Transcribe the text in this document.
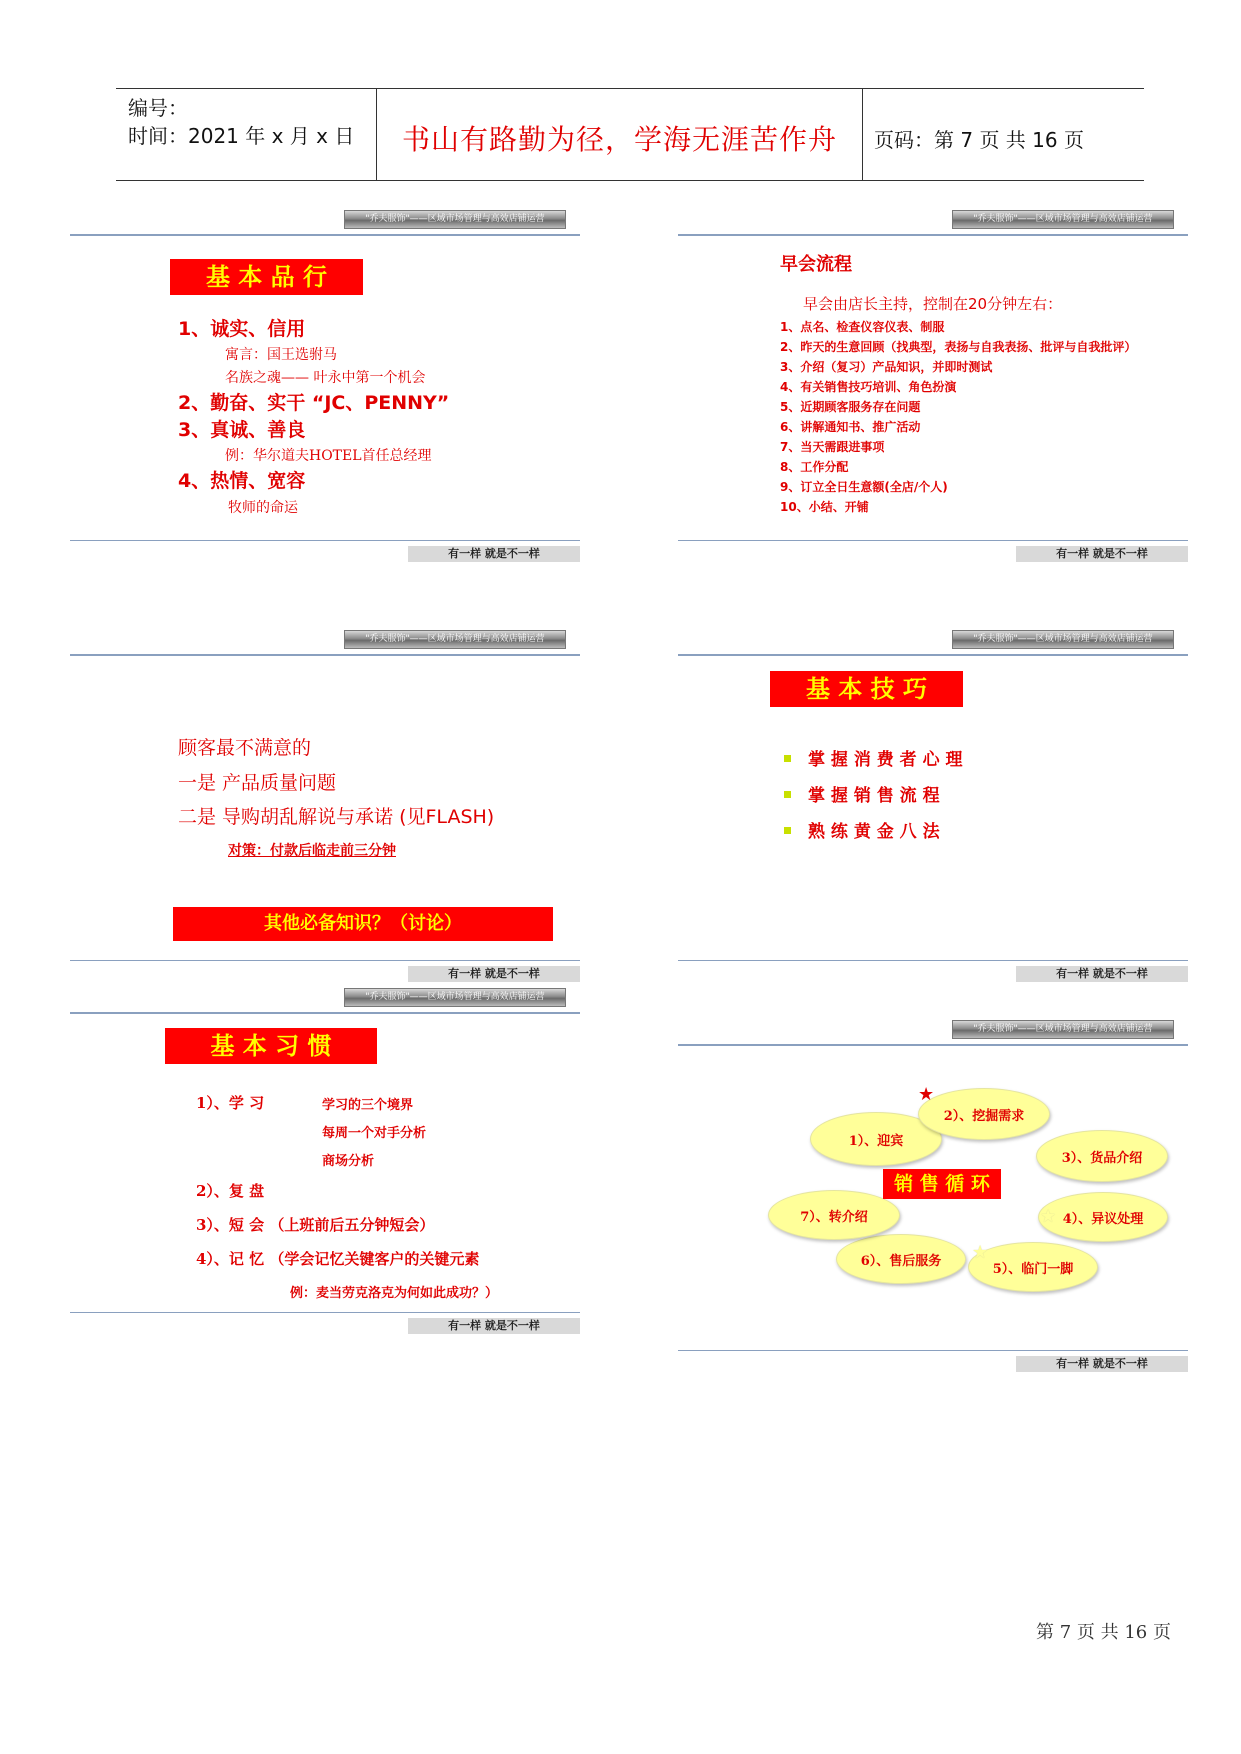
编号：
时间：2021 年 x 月 x 日 书山有路勤为径，学海无涯苦作舟 页码：第 7 页 共 16 页
"乔夫服饰"——区域市场管理与高效店铺运营
基 本 品 行
1、诚实、信用
寓言：国王选驸马
名族之魂—— 叶永中第一个机会
2、勤奋、实干 “JC、PENNY”
3、真诚、善良
例：华尔道夫HOTEL首任总经理
4、热情、宽容
牧师的命运
有一样 就是不一样
"乔夫服饰"——区域市场管理与高效店铺运营
早会流程
早会由店长主持，控制在20分钟左右：
1、点名、检查仪容仪表、制服
2、昨天的生意回顾（找典型，表扬与自我表扬、批评与自我批评）
3、介绍（复习）产品知识，并即时测试
4、有关销售技巧培训、角色扮演
5、近期顾客服务存在问题
6、讲解通知书、推广活动
7、当天需跟进事项
8、工作分配
9、订立全日生意额(全店/个人)
10、小结、开铺
有一样 就是不一样
"乔夫服饰"——区域市场管理与高效店铺运营
顾客最不满意的
一是 产品质量问题
二是 导购胡乱解说与承诺 (见FLASH)
对策：付款后临走前三分钟
其他必备知识？（讨论）
有一样 就是不一样
"乔夫服饰"——区域市场管理与高效店铺运营
基 本 技 巧
掌 握 消 费 者 心 理
掌 握 销 售 流 程
熟 练 黄 金 八 法
有一样 就是不一样
"乔夫服饰"——区域市场管理与高效店铺运营
基 本 习 惯
1）、学 习	学习的三个境界
每周一个对手分析
商场分析
2）、复 盘
3）、短 会 （上班前后五分钟短会）
4）、记 忆 （学会记忆关键客户的关键元素
例：麦当劳克洛克为何如此成功？）
有一样 就是不一样
"乔夫服饰"——区域市场管理与高效店铺运营
1）、迎宾
2）、挖掘需求
3）、货品介绍
4）、异议处理
5）、临门一脚
6）、售后服务
7）、转介绍
销 售 循 环
★
★
★
有一样 就是不一样
第 7 页 共 16 页
